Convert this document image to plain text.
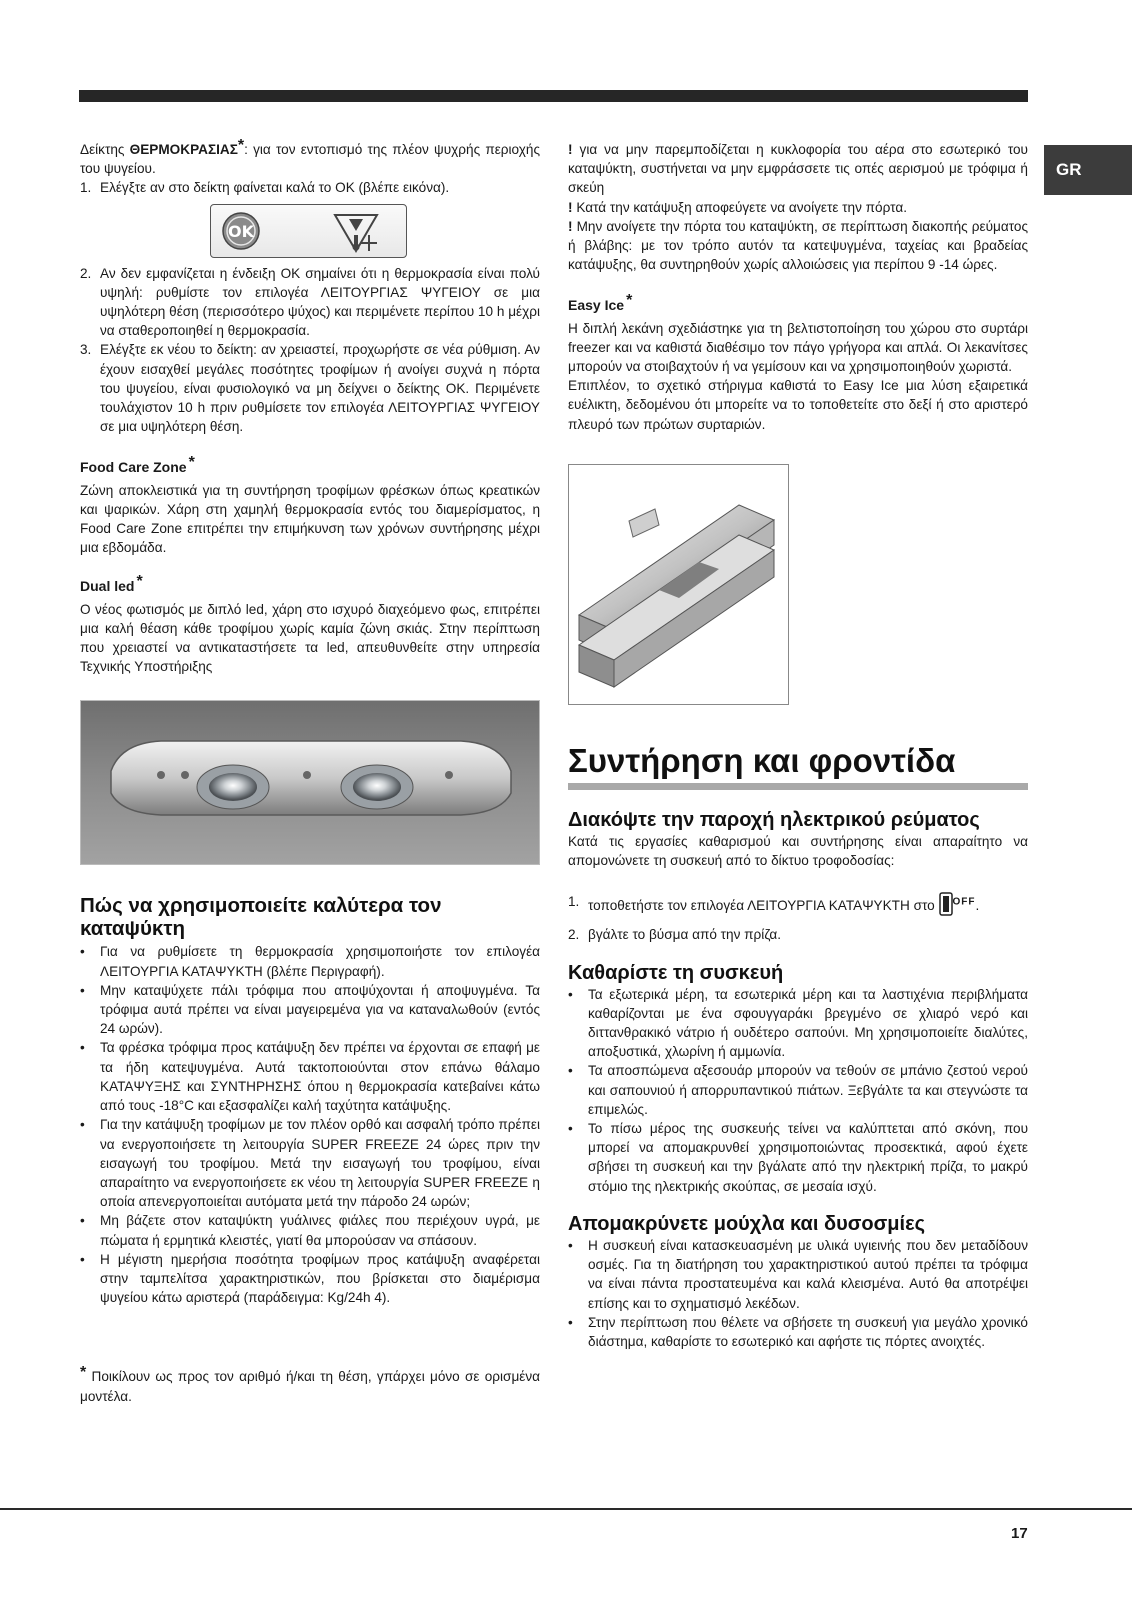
GR

Δείκτης ΘΕΡΜΟΚΡΑΣΙΑΣ*: για τον εντοπισμό της πλέον ψυχρής περιοχής του ψυγείου.

1. Ελέγξτε αν στο δείκτη φαίνεται καλά το ΟΚ (βλέπε εικόνα).
OK
2. Αν δεν εμφανίζεται η ένδειξη ΟΚ σημαίνει ότι η θερμοκρασία είναι πολύ υψηλή: ρυθμίστε τον επιλογέα ΛΕΙΤΟΥΡΓΙΑΣ ΨΥΓΕΙΟΥ σε μια υψηλότερη θέση (περισσότερο ψύχος) και περιμένετε περίπου 10 h μέχρι να σταθεροποιηθεί η θερμοκρασία.
3. Ελέγξτε εκ νέου το δείκτη: αν χρειαστεί, προχωρήστε σε νέα ρύθμιση. Αν έχουν εισαχθεί μεγάλες ποσότητες τροφίμων ή ανοίγει συχνά η πόρτα του ψυγείου, είναι φυσιολογικό να μη δείχνει ο δείκτης ΟΚ. Περιμένετε τουλάχιστον 10 h πριν ρυθμίσετε τον επιλογέα ΛΕΙΤΟΥΡΓΙΑΣ ΨΥΓΕΙΟΥ σε μια υψηλότερη θέση.
Food Care Zone *

Ζώνη αποκλειστικά για τη συντήρηση τροφίμων φρέσκων όπως κρεατικών και ψαρικών. Χάρη στη χαμηλή θερμοκρασία εντός του διαμερίσματος, η Food Care Zone επιτρέπει την επιμήκυνση των χρόνων συντήρησης μέχρι μια εβδομάδα.

Dual led *

Ο νέος φωτισμός με διπλό led, χάρη στο ισχυρό διαχεόμενο φως, επιτρέπει μια καλή θέαση κάθε τροφίμου χωρίς καμία ζώνη σκιάς. Στην περίπτωση που χρειαστεί να αντικαταστήσετε τα led, απευθυνθείτε στην υπηρεσία Τεχνικής Υποστήριξης

Πώς να χρησιμοποιείτε καλύτερα τον καταψύκτη
• Για να ρυθμίσετε τη θερμοκρασία χρησιμοποιήστε τον επιλογέα ΛΕΙΤΟΥΡΓΙΑ ΚΑΤΑΨΥΚΤΗ (βλέπε Περιγραφή).
• Μην καταψύχετε πάλι τρόφιμα που αποψύχονται ή αποψυγμένα. Τα τρόφιμα αυτά πρέπει να είναι μαγειρεμένα για να καταναλωθούν (εντός 24 ωρών).
• Τα φρέσκα τρόφιμα προς κατάψυξη δεν πρέπει να έρχονται σε επαφή με τα ήδη κατεψυγμένα. Αυτά τακτοποιούνται στον επάνω θάλαμο ΚΑΤΑΨΥΞΗΣ και ΣΥΝΤΗΡΗΣΗΣ όπου η θερμοκρασία κατεβαίνει κάτω από τους -18°C και εξασφαλίζει καλή ταχύτητα κατάψυξης.
• Για την κατάψυξη τροφίμων με τον πλέον ορθό και ασφαλή τρόπο πρέπει να ενεργοποιήσετε τη λειτουργία SUPER FREEZE 24 ώρες πριν την εισαγωγή του τροφίμου. Μετά την εισαγωγή του τροφίμου, είναι απαραίτητο να ενεργοποιήσετε εκ νέου τη λειτουργία SUPER FREEZE η οποία απενεργοποιείται αυτόματα μετά την πάροδο 24 ωρών;
• Μη βάζετε στον καταψύκτη γυάλινες φιάλες που περιέχουν υγρά, με πώματα ή ερμητικά κλειστές, γιατί θα μπορούσαν να σπάσουν.
• Η μέγιστη ημερήσια ποσότητα τροφίμων προς κατάψυξη αναφέρεται στην ταμπελίτσα χαρακτηριστικών, που βρίσκεται στο διαμέρισμα ψυγείου κάτω αριστερά (παράδειγμα: Kg/24h 4).

* Ποικίλουν ως προς τον αριθμό ή/και τη θέση, γπάρχει μόνο σε ορισμένα μοντέλα.

! για να μην παρεμποδίζεται η κυκλοφορία του αέρα στο εσωτερικό του καταψύκτη, συστήνεται να μην εμφράσσετε τις οπές αερισμού με τρόφιμα ή σκεύη

! Κατά την κατάψυξη αποφεύγετε να ανοίγετε την πόρτα.

! Μην ανοίγετε την πόρτα του καταψύκτη, σε περίπτωση διακοπής ρεύματος ή βλάβης: με τον τρόπο αυτόν τα κατεψυγμένα, ταχείας και βραδείας κατάψυξης, θα συντηρηθούν χωρίς αλλοιώσεις για περίπου 9 -14 ώρες.

Easy Ice *

Η διπλή λεκάνη σχεδιάστηκε για τη βελτιστοποίηση του χώρου στο συρτάρι freezer και να καθιστά διαθέσιμο τον πάγο γρήγορα και απλά. Οι λεκανίτσες μπορούν να στοιβαχτούν ή να γεμίσουν και να χρησιμοποιηθούν χωριστά.

Επιπλέον, το σχετικό στήριγμα καθιστά το Easy Ice μια λύση εξαιρετικά ευέλικτη, δεδομένου ότι μπορείτε να το τοποθετείτε στο δεξί ή στο αριστερό πλευρό των πρώτων συρταριών.

Συντήρηση και φροντίδα
Διακόψτε την παροχή ηλεκτρικού ρεύματος

Κατά τις εργασίες καθαρισμού και συντήρησης είναι απαραίτητο να απομονώνετε τη συσκευή από το δίκτυο τροφοδοσίας:

1. τοποθετήστε τον επιλογέα ΛΕΙΤΟΥΡΓΙΑ ΚΑΤΑΨΥΚΤΗ στο $^{OFF}$.
2. βγάλτε το βύσμα από την πρίζα.
Καθαρίστε τη συσκευή
• Τα εξωτερικά μέρη, τα εσωτερικά μέρη και τα λαστιχένια περιβλήματα καθαρίζονται με ένα σφουγγαράκι βρεγμένο σε χλιαρό νερό και διττανθρακικό νάτριο ή ουδέτερο σαπούνι. Μη χρησιμοποιείτε διαλύτες, αποξυστικά, χλωρίνη ή αμμωνία.
• Τα αποσπώμενα αξεσουάρ μπορούν να τεθούν σε μπάνιο ζεστού νερού και σαπουνιού ή απορρυπαντικού πιάτων. Ξεβγάλτε τα και στεγνώστε τα επιμελώς.
• Το πίσω μέρος της συσκευής τείνει να καλύπτεται από σκόνη, που μπορεί να απομακρυνθεί χρησιμοποιώντας προσεκτικά, αφού έχετε σβήσει τη συσκευή και την βγάλατε από την ηλεκτρική πρίζα, το μακρύ στόμιο της ηλεκτρικής σκούπας, σε μεσαία ισχύ.
Απομακρύνετε μούχλα και δυσοσμίες
• Η συσκευή είναι κατασκευασμένη με υλικά υγιεινής που δεν μεταδίδουν οσμές. Για τη διατήρηση του χαρακτηριστικού αυτού πρέπει τα τρόφιμα να είναι πάντα προστατευμένα και καλά κλεισμένα. Αυτό θα αποτρέψει επίσης και το σχηματισμό λεκέδων.
• Στην περίπτωση που θέλετε να σβήσετε τη συσκευή για μεγάλο χρονικό διάστημα, καθαρίστε το εσωτερικό και αφήστε τις πόρτες ανοιχτές.
17
